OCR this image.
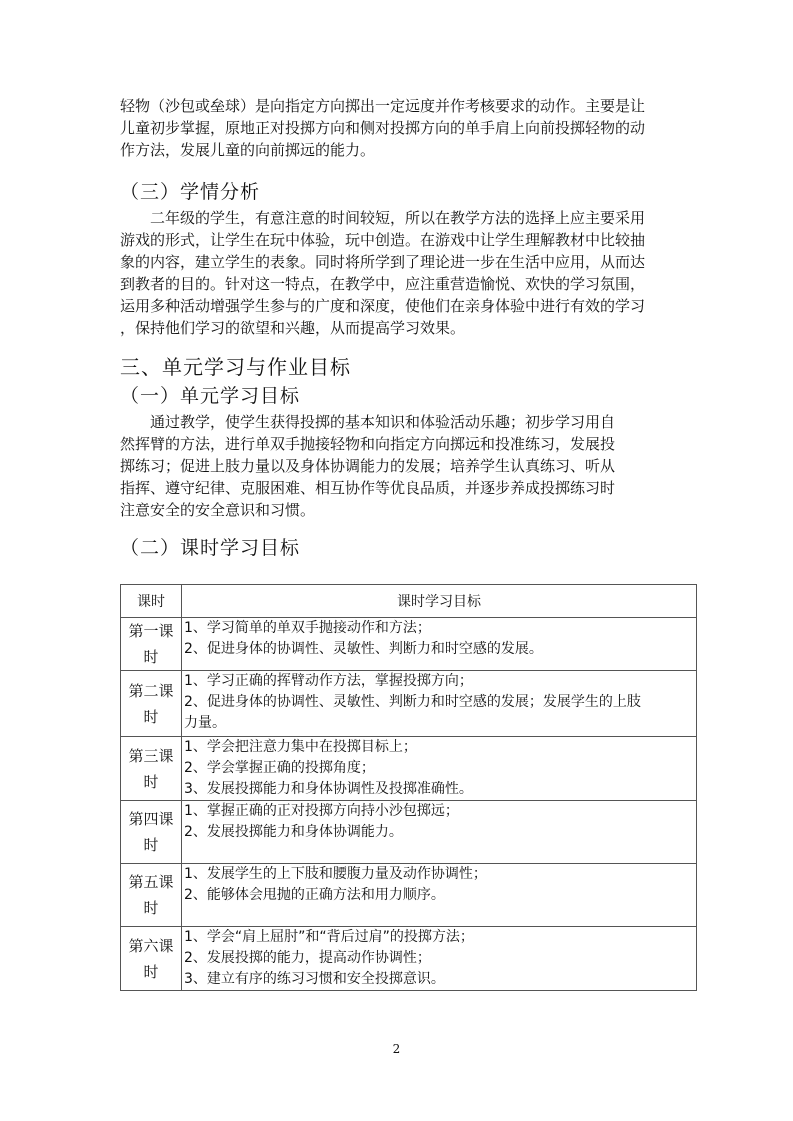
轻物（沙包或垒球）是向指定方向掷出一定远度并作考核要求的动作。主要是让
儿童初步掌握，原地正对投掷方向和侧对投掷方向的单手肩上向前投掷轻物的动
作方法，发展儿童的向前掷远的能力。

（三）学情分析

二年级的学生，有意注意的时间较短，所以在教学方法的选择上应主要采用
游戏的形式，让学生在玩中体验，玩中创造。在游戏中让学生理解教材中比较抽
象的内容，建立学生的表象。同时将所学到了理论进一步在生活中应用，从而达
到教者的目的。针对这一特点，在教学中，应注重营造愉悦、欢快的学习氛围，
运用多种活动增强学生参与的广度和深度，使他们在亲身体验中进行有效的学习
，保持他们学习的欲望和兴趣，从而提高学习效果。

三、单元学习与作业目标
（一）单元学习目标

通过教学，使学生获得投掷的基本知识和体验活动乐趣；初步学习用自
然挥臂的方法，进行单双手抛接轻物和向指定方向掷远和投准练习，发展投
掷练习；促进上肢力量以及身体协调能力的发展；培养学生认真练习、听从
指挥、遵守纪律、克服困难、相互协作等优良品质，并逐步养成投掷练习时
注意安全的安全意识和习惯。

（二）课时学习目标
课时	课时学习目标

第一课
时	1、学习简单的单双手抛接动作和方法；
2、促进身体的协调性、灵敏性、判断力和时空感的发展。

第二课
时	1、学习正确的挥臂动作方法，掌握投掷方向；
2、促进身体的协调性、灵敏性、判断力和时空感的发展；发展学生的上肢
力量。

第三课
时	1、学会把注意力集中在投掷目标上；
2、学会掌握正确的投掷角度；
3、发展投掷能力和身体协调性及投掷准确性。

第四课
时	1、掌握正确的正对投掷方向持小沙包掷远；
2、发展投掷能力和身体协调能力。

第五课
时	1、发展学生的上下肢和腰腹力量及动作协调性；
2、能够体会甩抛的正确方法和用力顺序。

第六课
时	1、学会“肩上屈肘”和“背后过肩”的投掷方法；
2、发展投掷的能力，提高动作协调性；
3、建立有序的练习习惯和安全投掷意识。
2
